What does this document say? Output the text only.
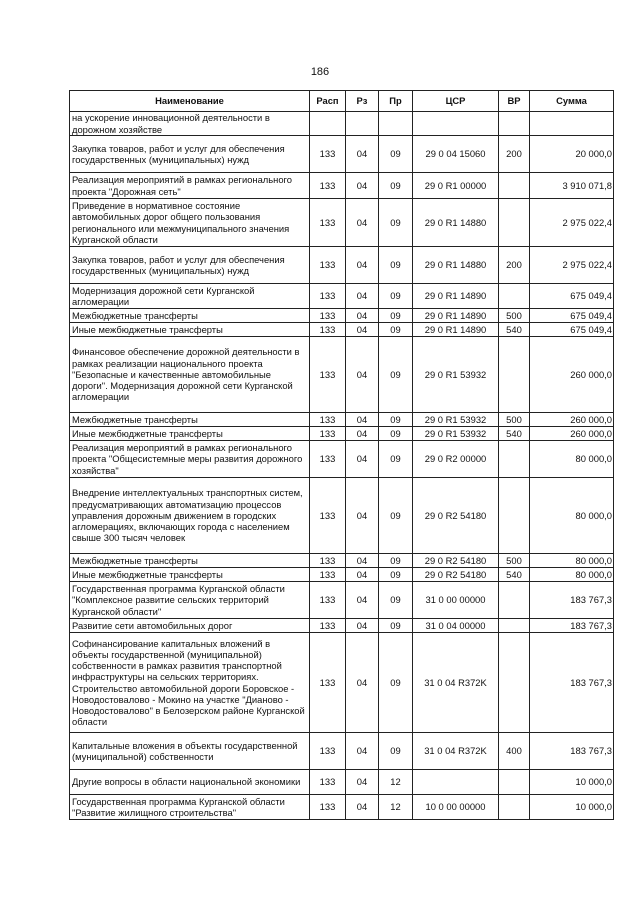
186
Наименование	Расп	Рз	Пр	ЦСР	ВР	Сумма
на ускорение инновационной деятельности в дорожном хозяйстве						
Закупка товаров, работ и услуг для обеспечения государственных (муниципальных) нужд	133	04	09	29 0 04 15060	200	20 000,0
Реализация мероприятий в рамках регионального проекта "Дорожная сеть"	133	04	09	29 0 R1 00000		3 910 071,8
Приведение в нормативное состояние автомобильных дорог общего пользования регионального или межмуниципального значения Курганской области	133	04	09	29 0 R1 14880		2 975 022,4
Закупка товаров, работ и услуг для обеспечения государственных (муниципальных) нужд	133	04	09	29 0 R1 14880	200	2 975 022,4
Модернизация дорожной сети Курганской агломерации	133	04	09	29 0 R1 14890		675 049,4
Межбюджетные трансферты	133	04	09	29 0 R1 14890	500	675 049,4
Иные межбюджетные трансферты	133	04	09	29 0 R1 14890	540	675 049,4
Финансовое обеспечение дорожной деятельности в рамках реализации национального проекта "Безопасные и качественные автомобильные дороги". Модернизация дорожной сети Курганской агломерации	133	04	09	29 0 R1 53932		260 000,0
Межбюджетные трансферты	133	04	09	29 0 R1 53932	500	260 000,0
Иные межбюджетные трансферты	133	04	09	29 0 R1 53932	540	260 000,0
Реализация мероприятий в рамках регионального проекта "Общесистемные меры развития дорожного хозяйства"	133	04	09	29 0 R2 00000		80 000,0
Внедрение интеллектуальных транспортных систем, предусматривающих автоматизацию процессов управления дорожным движением в городских агломерациях, включающих города с населением свыше 300 тысяч человек	133	04	09	29 0 R2 54180		80 000,0
Межбюджетные трансферты	133	04	09	29 0 R2 54180	500	80 000,0
Иные межбюджетные трансферты	133	04	09	29 0 R2 54180	540	80 000,0
Государственная программа Курганской области "Комплексное развитие сельских территорий Курганской области"	133	04	09	31 0 00 00000		183 767,3
Развитие сети автомобильных дорог	133	04	09	31 0 04 00000		183 767,3
Софинансирование капитальных вложений в объекты государственной (муниципальной) собственности в рамках развития транспортной инфраструктуры на сельских территориях. Строительство автомобильной дороги Боровское - Новодостовалово - Мокино на участке "Дианово - Новодостовалово" в Белозерском районе Курганской области	133	04	09	31 0 04 R372K		183 767,3
Капитальные вложения в объекты государственной (муниципальной) собственности	133	04	09	31 0 04 R372K	400	183 767,3
Другие вопросы в области национальной экономики	133	04	12			10 000,0
Государственная программа Курганской области "Развитие жилищного строительства"	133	04	12	10 0 00 00000		10 000,0
